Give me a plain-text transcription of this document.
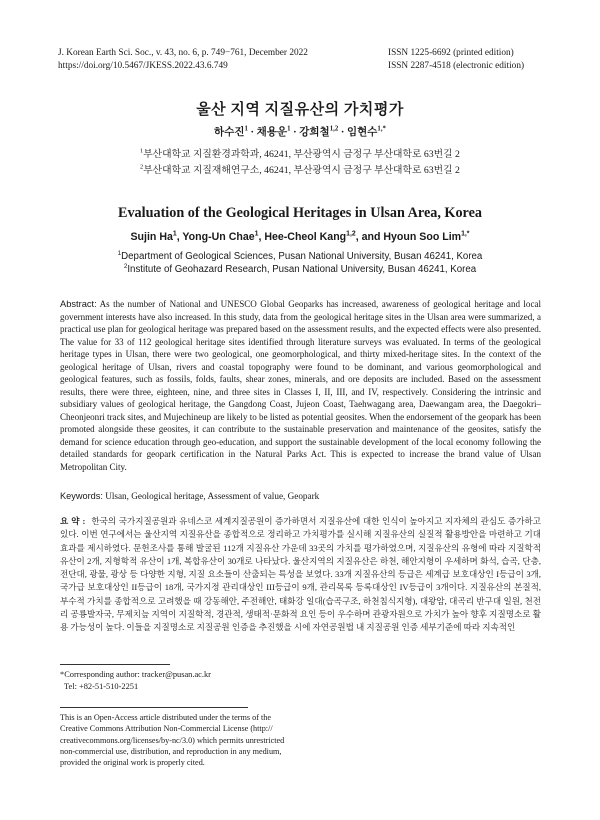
J. Korean Earth Sci. Soc., v. 43, no. 6, p. 749−761, December 2022
https://doi.org/10.5467/JKESS.2022.43.6.749
ISSN 1225-6692 (printed edition)
ISSN 2287-4518 (electronic edition)
울산 지역 지질유산의 가치평가
하수진$^1$ · 채용운$^1$ · 강희철$^{1,2}$ · 임현수$^{1,*}$
$^1$부산대학교 지질환경과학과, 46241, 부산광역시 금정구 부산대학로 63번길 2
$^2$부산대학교 지질재해연구소, 46241, 부산광역시 금정구 부산대학로 63번길 2
Evaluation of the Geological Heritages in Ulsan Area, Korea
Sujin Ha$^1$, Yong-Un Chae$^1$, Hee-Cheol Kang$^{1,2}$, and Hyoun Soo Lim$^{1,*}$
$^1$Department of Geological Sciences, Pusan National University, Busan 46241, Korea
$^2$Institute of Geohazard Research, Pusan National University, Busan 46241, Korea
Abstract: As the number of National and UNESCO Global Geoparks has increased, awareness of geological heritage and local government interests have also increased. In this study, data from the geological heritage sites in the Ulsan area were summarized, a practical use plan for geological heritage was prepared based on the assessment results, and the expected effects were also presented. The value for 33 of 112 geological heritage sites identified through literature surveys was evaluated. In terms of the geological heritage types in Ulsan, there were two geological, one geomorphological, and thirty mixed-heritage sites. In the context of the geological heritage of Ulsan, rivers and coastal topography were found to be dominant, and various geomorphological and geological features, such as fossils, folds, faults, shear zones, minerals, and ore deposits are included. Based on the assessment results, there were three, eighteen, nine, and three sites in Classes I, II, III, and IV, respectively. Considering the intrinsic and subsidiary values of geological heritage, the Gangdong Coast, Jujeon Coast, Taehwagang area, Daewangam area, the Daegokri–Cheonjeonri track sites, and Mujechineup are likely to be listed as potential geosites. When the endorsement of the geopark has been promoted alongside these geosites, it can contribute to the sustainable preservation and maintenance of the geosites, satisfy the demand for science education through geo-education, and support the sustainable development of the local economy following the detailed standards for geopark certification in the Natural Parks Act. This is expected to increase the brand value of Ulsan Metropolitan City.
Keywords: Ulsan, Geological heritage, Assessment of value, Geopark
요약: 한국의 국가지질공원과 유네스코 세계지질공원이 증가하면서 지질유산에 대한 인식이 높아지고 지자체의 관심도 증가하고 있다. 이번 연구에서는 울산지역 지질유산을 종합적으로 정리하고 가치평가를 실시해 지질유산의 실질적 활용방안을 마련하고 기대효과를 제시하였다. 문헌조사를 통해 발굴된 112개 지질유산 가운데 33곳의 가치를 평가하였으며, 지질유산의 유형에 따라 지질학적 유산이 2개, 지형학적 유산이 1개, 복합유산이 30개로 나타났다. 울산지역의 지질유산은 하천, 해안지형이 우세하며 화석, 습곡, 단층, 전단대, 광물, 광상 등 다양한 지형, 지질 요소들이 산출되는 특성을 보였다. 33개 지질유산의 등급은 세계급 보호대상인 I등급이 3개, 국가급 보호대상인 II등급이 18개, 국가지정 관리대상인 III등급이 9개, 관리목록 등록대상인 IV등급이 3개이다. 지질유산의 본질적, 부수적 가치를 종합적으로 고려했을 때 강동해안, 주전해안, 태화강 일대(습곡구조, 하천침식지형), 대왕암, 대곡리 반구대 일원, 천전리 공룡발자국, 무제치늪 지역이 지질학적, 경관적, 생태적·문화적 요인 등이 우수하며 관광자원으로 가치가 높아 향후 지질명소로 활용 가능성이 높다. 이들을 지질명소로 지질공원 인증을 추진했을 시에 자연공원법 내 지질공원 인증 세부기준에 따라 지속적인
*Corresponding author: tracker@pusan.ac.kr
Tel: +82-51-510-2251
This is an Open-Access article distributed under the terms of the
Creative Commons Attribution Non-Commercial License (http://
creativecommons.org/licenses/by-nc/3.0) which permits unrestricted
non-commercial use, distribution, and reproduction in any medium,
provided the original work is properly cited.
